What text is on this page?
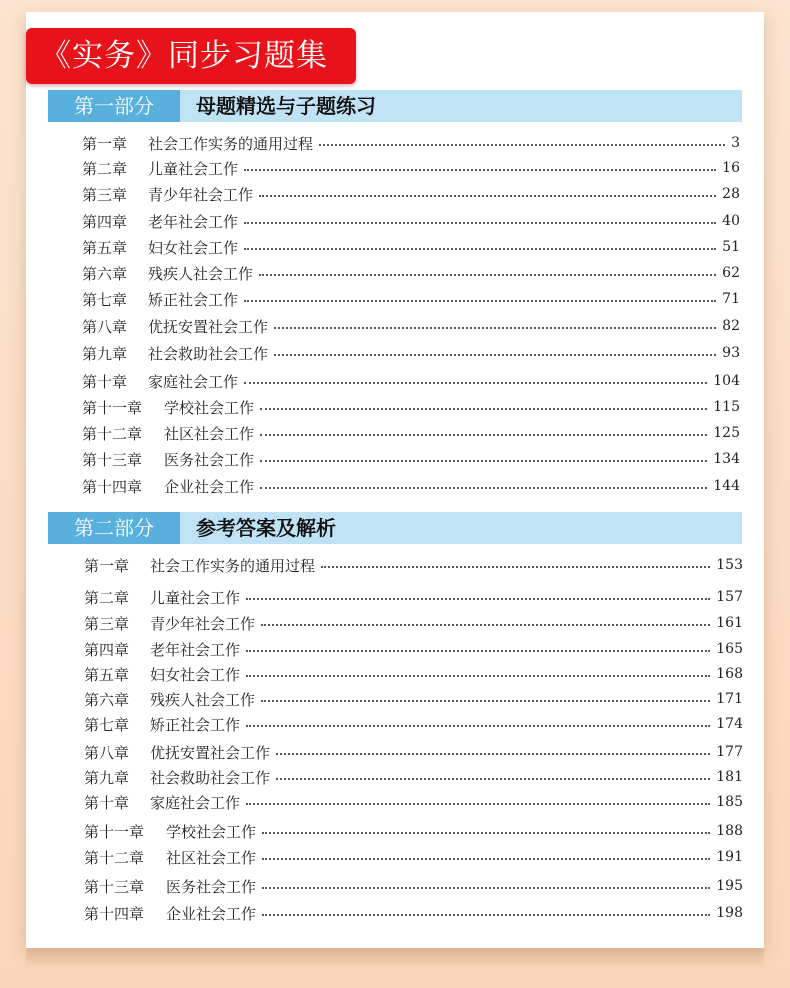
《实务》同步习题集
第一部分	母题精选与子题练习
第一章	社会工作实务的通用过程	3
第二章	儿童社会工作	16
第三章	青少年社会工作	28
第四章	老年社会工作	40
第五章	妇女社会工作	51
第六章	残疾人社会工作	62
第七章	矫正社会工作	71
第八章	优抚安置社会工作	82
第九章	社会救助社会工作	93
第十章	家庭社会工作	104
第十一章	学校社会工作	115
第十二章	社区社会工作	125
第十三章	医务社会工作	134
第十四章	企业社会工作	144
第二部分	参考答案及解析
第一章	社会工作实务的通用过程	153
第二章	儿童社会工作	157
第三章	青少年社会工作	161
第四章	老年社会工作	165
第五章	妇女社会工作	168
第六章	残疾人社会工作	171
第七章	矫正社会工作	174
第八章	优抚安置社会工作	177
第九章	社会救助社会工作	181
第十章	家庭社会工作	185
第十一章	学校社会工作	188
第十二章	社区社会工作	191
第十三章	医务社会工作	195
第十四章	企业社会工作	198
